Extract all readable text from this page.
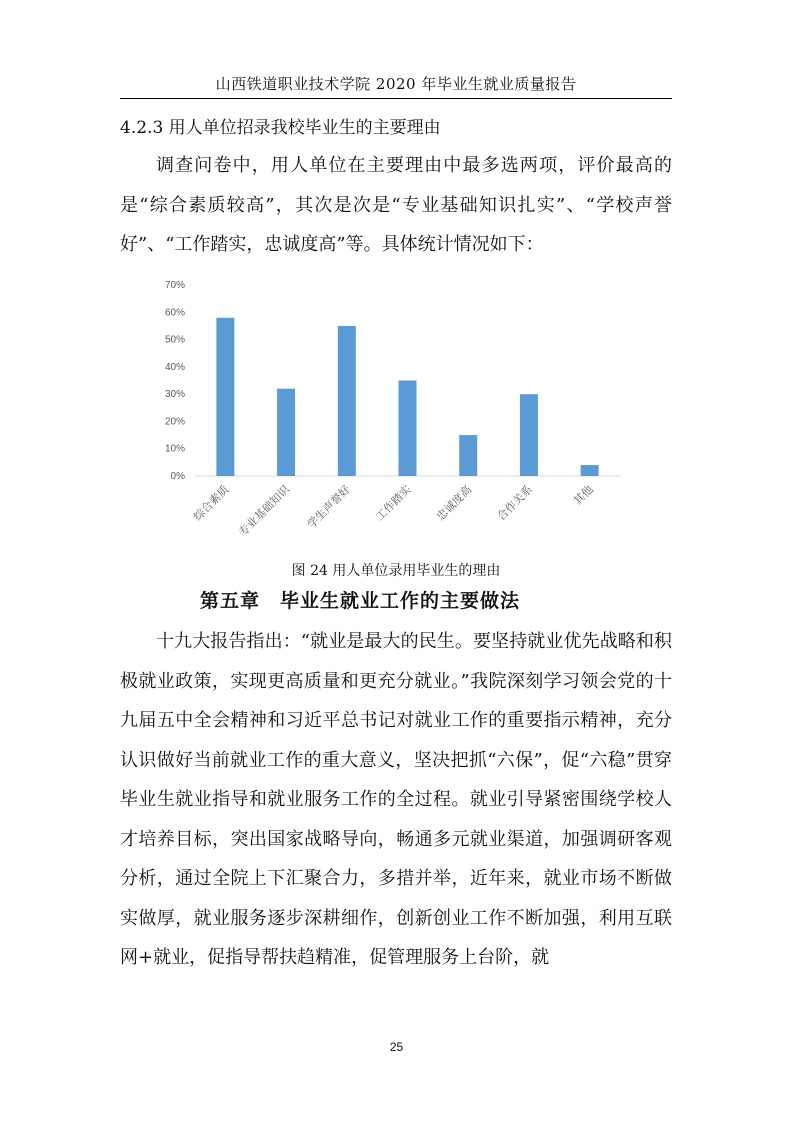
山西铁道职业技术学院 2020 年毕业生就业质量报告
4.2.3 用人单位招录我校毕业生的主要理由

调查问卷中，用人单位在主要理由中最多选两项，评价最高的是“综合素质较高”，其次是次是“专业基础知识扎实”、“学校声誉好”、“工作踏实，忠诚度高”等。具体统计情况如下：

0%
10%
20%
30%
40%
50%
60%
70%
综合素质 专业基础知识 学生声誉好 工作踏实 忠诚度高 合作关系	其他
图 24 用人单位录用毕业生的理由
第五章　毕业生就业工作的主要做法

十九大报告指出：“就业是最大的民生。要坚持就业优先战略和积极就业政策，实现更高质量和更充分就业。”我院深刻学习领会党的十九届五中全会精神和习近平总书记对就业工作的重要指示精神，充分认识做好当前就业工作的重大意义，坚决把抓“六保”，促“六稳”贯穿毕业生就业指导和就业服务工作的全过程。就业引导紧密围绕学校人才培养目标，突出国家战略导向，畅通多元就业渠道，加强调研客观分析，通过全院上下汇聚合力，多措并举，近年来，就业市场不断做实做厚，就业服务逐步深耕细作，创新创业工作不断加强，利用互联网+就业，促指导帮扶趋精准，促管理服务上台阶，就

25
